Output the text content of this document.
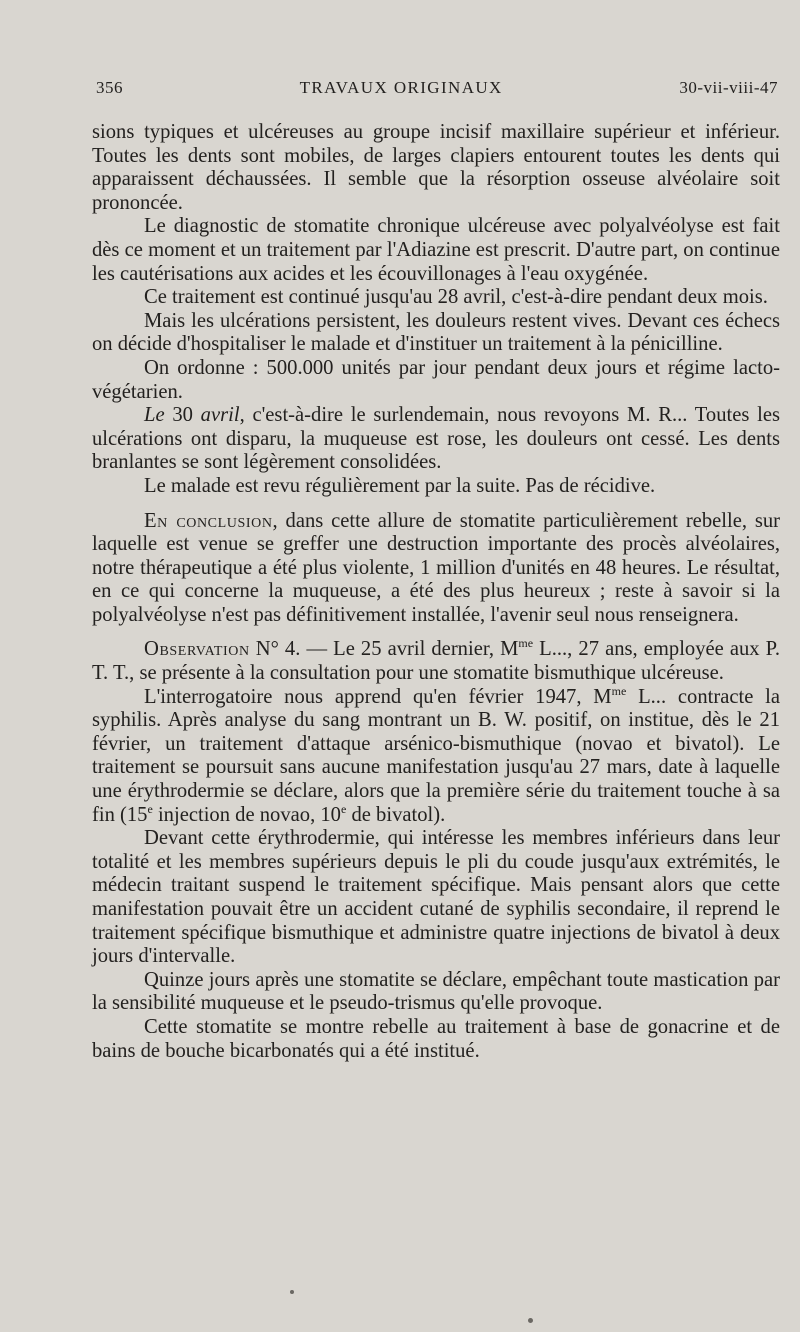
356	TRAVAUX ORIGINAUX	30-vii-viii-47

sions typiques et ulcéreuses au groupe incisif maxillaire supérieur et inférieur. Toutes les dents sont mobiles, de larges clapiers entourent toutes les dents qui apparaissent déchaussées. Il semble que la résorption osseuse alvéolaire soit prononcée.

Le diagnostic de stomatite chronique ulcéreuse avec polyalvéolyse est fait dès ce moment et un traitement par l'Adiazine est prescrit. D'autre part, on continue les cautérisations aux acides et les écouvillonages à l'eau oxygénée.

Ce traitement est continué jusqu'au 28 avril, c'est-à-dire pendant deux mois.

Mais les ulcérations persistent, les douleurs restent vives. Devant ces échecs on décide d'hospitaliser le malade et d'instituer un traitement à la pénicilline.

On ordonne : 500.000 unités par jour pendant deux jours et régime lacto-végétarien.

Le 30 avril, c'est-à-dire le surlendemain, nous revoyons M. R... Toutes les ulcérations ont disparu, la muqueuse est rose, les douleurs ont cessé. Les dents branlantes se sont légèrement consolidées.

Le malade est revu régulièrement par la suite. Pas de récidive.

En conclusion, dans cette allure de stomatite particulièrement rebelle, sur laquelle est venue se greffer une destruction importante des procès alvéolaires, notre thérapeutique a été plus violente, 1 million d'unités en 48 heures. Le résultat, en ce qui concerne la muqueuse, a été des plus heureux ; reste à savoir si la polyalvéolyse n'est pas définitivement installée, l'avenir seul nous renseignera.

Observation N° 4. — Le 25 avril dernier, $M^{me}$ L..., 27 ans, employée aux P. T. T., se présente à la consultation pour une stomatite bismuthique ulcéreuse.

L'interrogatoire nous apprend qu'en février 1947, $M^{me}$ L... contracte la syphilis. Après analyse du sang montrant un B. W. positif, on institue, dès le 21 février, un traitement d'attaque arsénico-bismuthique (novao et bivatol). Le traitement se poursuit sans aucune manifestation jusqu'au 27 mars, date à laquelle une érythrodermie se déclare, alors que la première série du traitement touche à sa fin (15e injection de novao, 10e de bivatol).

Devant cette érythrodermie, qui intéresse les membres inférieurs dans leur totalité et les membres supérieurs depuis le pli du coude jusqu'aux extrémités, le médecin traitant suspend le traitement spécifique. Mais pensant alors que cette manifestation pouvait être un accident cutané de syphilis secondaire, il reprend le traitement spécifique bismuthique et administre quatre injections de bivatol à deux jours d'intervalle.

Quinze jours après une stomatite se déclare, empêchant toute mastication par la sensibilité muqueuse et le pseudo-trismus qu'elle provoque.

Cette stomatite se montre rebelle au traitement à base de gonacrine et de bains de bouche bicarbonatés qui a été institué.
